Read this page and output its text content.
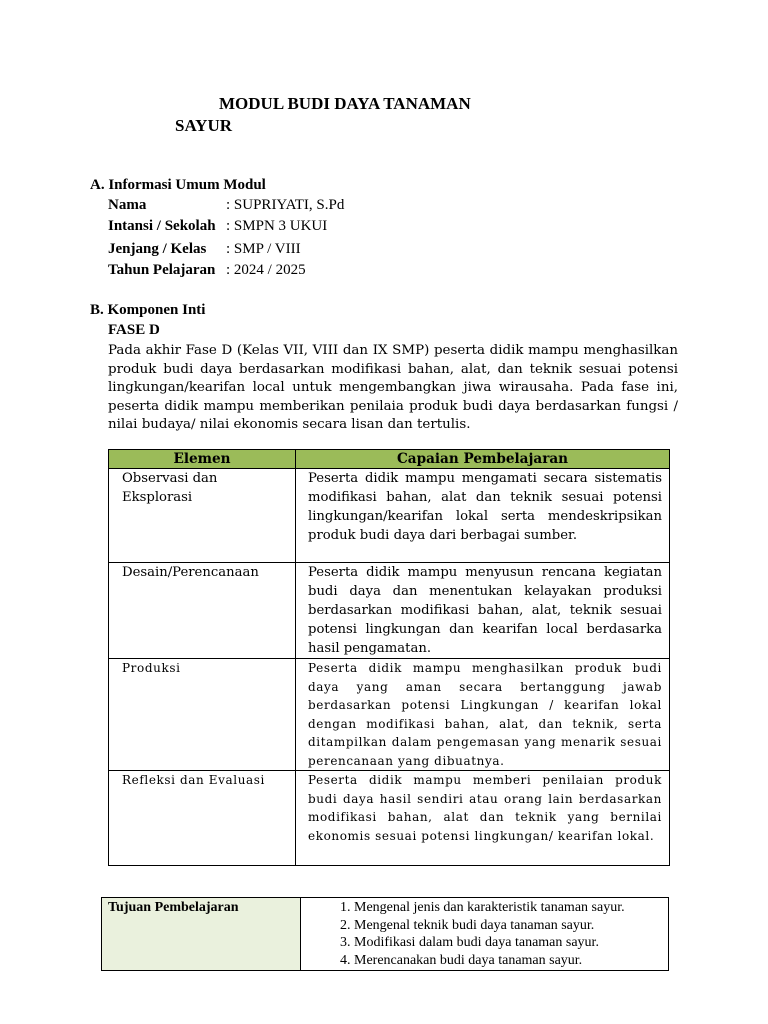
MODUL BUDI DAYA TANAMAN
SAYUR
A. Informasi Umum Modul
Nama	: SUPRIYATI, S.Pd
Intansi / Sekolah : SMPN 3 UKUI
Jenjang / Kelas : SMP / VIII
Tahun Pelajaran : 2024 / 2025
B. Komponen Inti
FASE D
Pada akhir Fase D (Kelas VII, VIII dan IX SMP) peserta didik mampu menghasilkan produk budi daya berdasarkan modifikasi bahan, alat, dan teknik sesuai potensi lingkungan/kearifan local untuk mengembangkan jiwa wirausaha. Pada fase ini, peserta didik mampu memberikan penilaia produk budi daya berdasarkan fungsi / nilai budaya/ nilai ekonomis secara lisan dan tertulis.
Elemen	Capaian Pembelajaran
Observasi dan Eksplorasi	Peserta didik mampu mengamati secara sistematis modifikasi bahan, alat dan teknik sesuai potensi lingkungan/kearifan lokal serta mendeskripsikan produk budi daya dari berbagai sumber.
Desain/Perencanaan	Peserta didik mampu menyusun rencana kegiatan budi daya dan menentukan kelayakan produksi berdasarkan modifikasi bahan, alat, teknik sesuai potensi lingkungan dan kearifan local berdasarka hasil pengamatan.
Produksi	Peserta didik mampu menghasilkan produk budi daya yang aman secara bertanggung jawab berdasarkan potensi Lingkungan / kearifan lokal dengan modifikasi bahan, alat, dan teknik, serta ditampilkan dalam pengemasan yang menarik sesuai perencanaan yang dibuatnya.
Refleksi dan Evaluasi	Peserta didik mampu memberi penilaian produk budi daya hasil sendiri atau orang lain berdasarkan modifikasi bahan, alat dan teknik yang bernilai ekonomis sesuai potensi lingkungan/ kearifan lokal.
Tujuan Pembelajaran	
1.Mengenal jenis dan karakteristik tanaman sayur.
2. Mengenal teknik budi daya tanaman sayur.
3. Modifikasi dalam budi daya tanaman sayur.
4. Merencanakan budi daya tanaman sayur.
